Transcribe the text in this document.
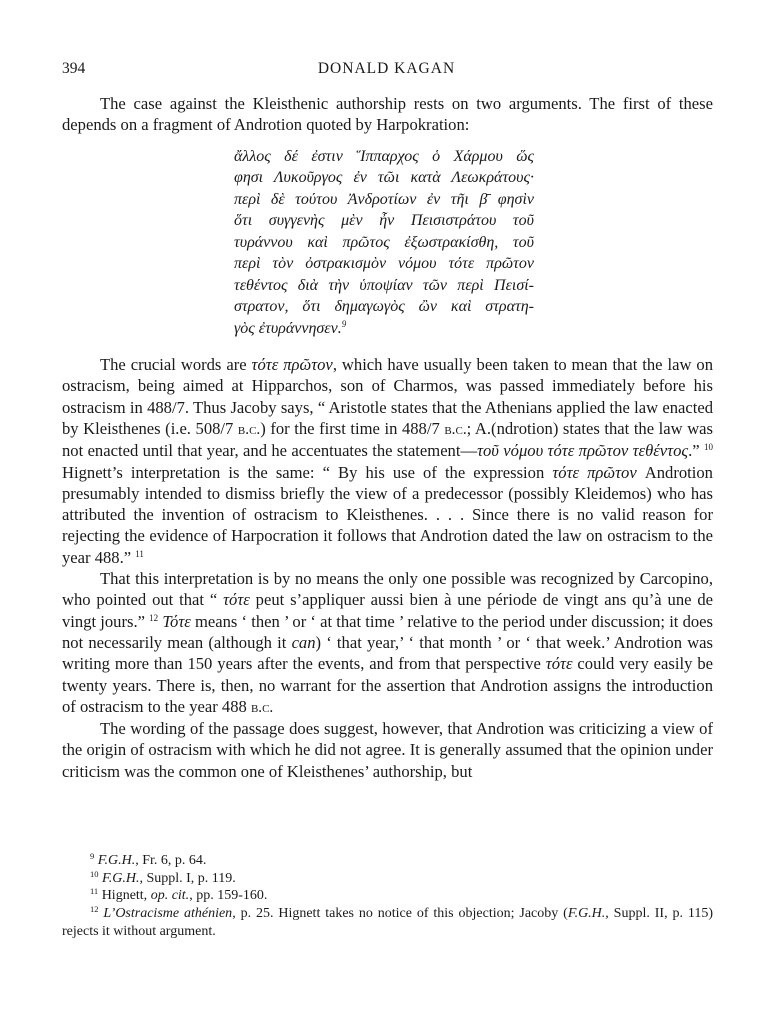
394	DONALD KAGAN

The case against the Kleisthenic authorship rests on two arguments. The first of these depends on a fragment of Androtion quoted by Harpokration:

ἄλλος δέ ἐστιν Ἵππαρχος ὁ Χάρμου ὥς
φησι Λυκοῦργος ἐν τῶι κατὰ Λεωκράτους·
περὶ δὲ τούτου Ἀνδροτίων ἐν τῆι β̄ φησὶν
ὅτι συγγενὴς μὲν ἦν Πεισιστράτου τοῦ
τυράννου καὶ πρῶτος ἐξωστρακίσθη, τοῦ
περὶ τὸν ὀστρακισμὸν νόμου τότε πρῶτον
τεθέντος διὰ τὴν ὑποψίαν τῶν περὶ Πεισί-
στρατον, ὅτι δημαγωγὸς ὢν καὶ στρατη-
γὸς ἐτυράννησεν.$^9$

The crucial words are τότε πρῶτον, which have usually been taken to mean that the law on ostracism, being aimed at Hipparchos, son of Charmos, was passed immediately before his ostracism in 488/7. Thus Jacoby says, “ Aristotle states that the Athenians applied the law enacted by Kleisthenes (i.e. 508/7 b.c.) for the first time in 488/7 b.c.; A.(ndrotion) states that the law was not enacted until that year, and he accentuates the statement—τοῦ νόμου τότε πρῶτον τεθέντος.” $^{10}$ Hignett’s interpretation is the same: “ By his use of the expression τότε πρῶτον Androtion presumably intended to dismiss briefly the view of a predecessor (possibly Kleidemos) who has attributed the invention of ostracism to Kleisthenes. . . . Since there is no valid reason for rejecting the evidence of Harpocration it follows that Androtion dated the law on ostracism to the year 488.” $^{11}$

That this interpretation is by no means the only one possible was recognized by Carcopino, who pointed out that “ τότε peut s’appliquer aussi bien à une période de vingt ans qu’à une de vingt jours.” $^{12}$ Τότε means ‘ then ’ or ‘ at that time ’ relative to the period under discussion; it does not necessarily mean (although it can) ‘ that year,’ ‘ that month ’ or ‘ that week.’ Androtion was writing more than 150 years after the events, and from that perspective τότε could very easily be twenty years. There is, then, no warrant for the assertion that Androtion assigns the introduction of ostracism to the year 488 b.c.

The wording of the passage does suggest, however, that Androtion was criticizing a view of the origin of ostracism with which he did not agree. It is generally assumed that the opinion under criticism was the common one of Kleisthenes’ authorship, but

$^9$ F.G.H., Fr. 6, p. 64.
$^{10}$ F.G.H., Suppl. I, p. 119.
$^{11}$ Hignett, op. cit., pp. 159-160.
$^{12}$ L’Ostracisme athénien, p. 25. Hignett takes no notice of this objection; Jacoby (F.G.H., Suppl. II, p. 115) rejects it without argument.
